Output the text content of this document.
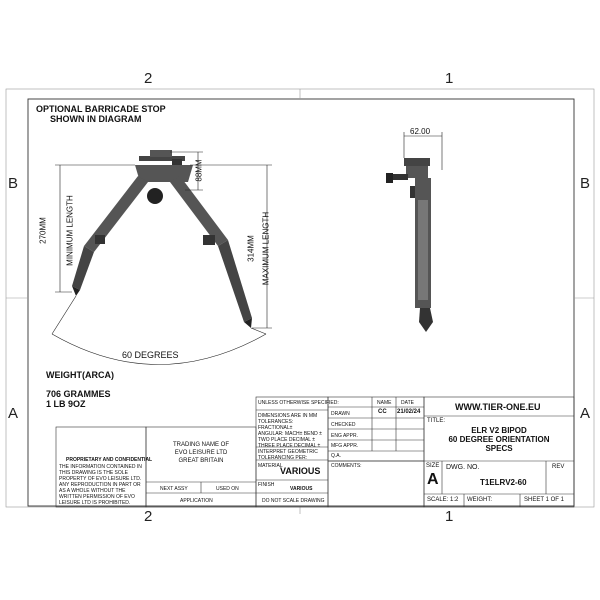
2	1
2	1
B
A
B
A
OPTIONAL BARRICADE STOP
SHOWN IN DIAGRAM
270MM MINIMUM LENGTH
88MM
314MM MAXIMUM LENGTH
60 DEGREES
62.00
WEIGHT(ARCA)
706 GRAMMES
1 LB 9OZ
PROPRIETARY AND CONFIDENTIAL
THE INFORMATION CONTAINED IN THIS DRAWING IS THE SOLE PROPERTY OF EVO LEISURE LTD. ANY REPRODUCTION IN PART OR AS A WHOLE WITHOUT THE WRITTEN PERMISSION OF EVO LEISURE LTD IS PROHIBITED.
TRADING NAME OF
EVO LEISURE LTD
GREAT BRITAIN
NEXT ASSY	USED ON
APPLICATION
UNLESS OTHERWISE SPECIFIED:
DIMENSIONS ARE IN MM
TOLERANCES:
FRACTIONAL±
ANGULAR: MACH± BEND ±
TWO PLACE DECIMAL ±
THREE PLACE DECIMAL ±
INTERPRET GEOMETRIC TOLERANCING PER:
MATERIAL
VARIOUS
FINISH
VARIOUS
DO NOT SCALE DRAWING
NAME DATE
DRAWN	CC 21/02/24
CHECKED
ENG APPR.
MFG APPR.
Q.A.
COMMENTS:
WWW.TIER-ONE.EU
TITLE:
ELR V2 BIPOD
60 DEGREE ORIENTATION
SPECS
SIZE
A
DWG. NO.
T1ELRV2-60
REV
SCALE: 1:2 WEIGHT:	SHEET 1 OF 1
